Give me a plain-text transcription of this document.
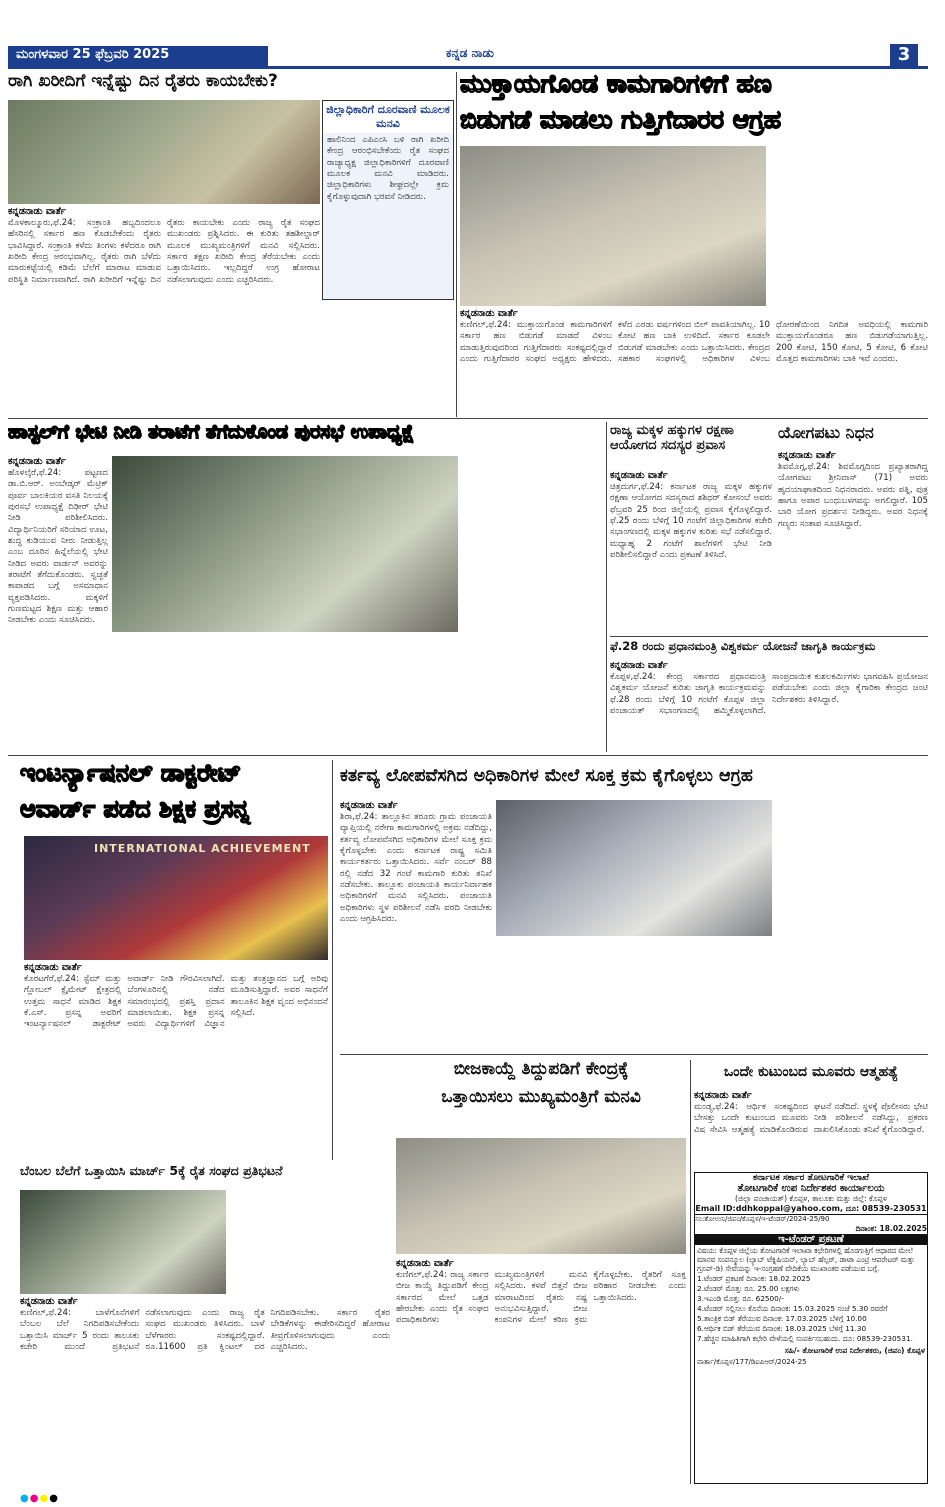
ಮಂಗಳವಾರ 25 ಫೆಬ್ರವರಿ 2025	ಕನ್ನಡ ನಾಡು	3
ರಾಗಿ ಖರೀದಿಗೆ ಇನ್ನೆಷ್ಟು ದಿನ ರೈತರು ಕಾಯಬೇಕು?
ಜಿಲ್ಲಾಧಿಕಾರಿಗೆ ದೂರವಾಣಿ ಮೂಲಕ ಮನವಿ
ಹಾಲಿನಿಂದ ಎಪಿಎಂಸಿ ಬಳಿ ರಾಗಿ ಖರೀದಿ ಕೇಂದ್ರ ಆರಂಭಿಸಬೇಕೆಂದು ರೈತ ಸಂಘದ ರಾಜ್ಯಾಧ್ಯಕ್ಷ ಜಿಲ್ಲಾಧಿಕಾರಿಗಳಿಗೆ ದೂರವಾಣಿ ಮೂಲಕ ಮನವಿ ಮಾಡಿದರು. ಜಿಲ್ಲಾಧಿಕಾರಿಗಳು ಶೀಘ್ರದಲ್ಲೇ ಕ್ರಮ ಕೈಗೊಳ್ಳುವುದಾಗಿ ಭರವಸೆ ನೀಡಿದರು.
ಕನ್ನಡನಾಡು ವಾರ್ತೆ
ಮೊಳಕಾಲ್ಮೂರು,ಫೆ.24: ಸಂಕ್ರಾಂತಿ ಹಬ್ಬದಿಂದಲೂ ಹೆಸರಿನಲ್ಲಿ ಸರ್ಕಾರ ಹಣ ಕೊಡಬೇಕೆಂದು ರೈತರು ಭಾವಿಸಿದ್ದಾರೆ. ಸಂಕ್ರಾಂತಿ ಕಳೆದು ತಿಂಗಳು ಕಳೆದರೂ ರಾಗಿ ಖರೀದಿ ಕೇಂದ್ರ ಆರಂಭವಾಗಿಲ್ಲ. ರೈತರು ರಾಗಿ ಬೆಳೆದು ಮಾರುಕಟ್ಟೆಯಲ್ಲಿ ಕಡಿಮೆ ಬೆಲೆಗೆ ಮಾರಾಟ ಮಾಡುವ ಪರಿಸ್ಥಿತಿ ನಿರ್ಮಾಣವಾಗಿದೆ. ರಾಗಿ ಖರೀದಿಗೆ ಇನ್ನೆಷ್ಟು ದಿನ ರೈತರು ಕಾಯಬೇಕು ಎಂದು ರಾಜ್ಯ ರೈತ ಸಂಘದ ಮುಖಂಡರು ಪ್ರಶ್ನಿಸಿದರು. ಈ ಕುರಿತು ತಹಶೀಲ್ದಾರ್ ಮೂಲಕ ಮುಖ್ಯಮಂತ್ರಿಗಳಿಗೆ ಮನವಿ ಸಲ್ಲಿಸಿದರು. ಸರ್ಕಾರ ತಕ್ಷಣ ಖರೀದಿ ಕೇಂದ್ರ ತೆರೆಯಬೇಕು ಎಂದು ಒತ್ತಾಯಿಸಿದರು. ಇಲ್ಲದಿದ್ದರೆ ಉಗ್ರ ಹೋರಾಟ ನಡೆಸಲಾಗುವುದು ಎಂದು ಎಚ್ಚರಿಸಿದರು.
ಮುಕ್ತಾಯಗೊಂಡ ಕಾಮಗಾರಿಗಳಿಗೆ ಹಣ
ಬಿಡುಗಡೆ ಮಾಡಲು ಗುತ್ತಿಗೆದಾರರ ಆಗ್ರಹ
ಕನ್ನಡನಾಡು ವಾರ್ತೆ
ಕುಣಿಗಲ್,ಫೆ.24: ಮುಕ್ತಾಯಗೊಂಡ ಕಾಮಗಾರಿಗಳಿಗೆ ಸರ್ಕಾರ ಹಣ ಬಿಡುಗಡೆ ಮಾಡದೆ ವಿಳಂಬ ಮಾಡುತ್ತಿರುವುದರಿಂದ ಗುತ್ತಿಗೆದಾರರು ಸಂಕಷ್ಟದಲ್ಲಿದ್ದಾರೆ ಎಂದು ಗುತ್ತಿಗೆದಾರರ ಸಂಘದ ಅಧ್ಯಕ್ಷರು ಹೇಳಿದರು. ಕಳೆದ ಎರಡು ವರ್ಷಗಳಿಂದ ಬಿಲ್ ಪಾವತಿಯಾಗಿಲ್ಲ. 10 ಕೋಟಿ ಹಣ ಬಾಕಿ ಉಳಿದಿದೆ. ಸರ್ಕಾರ ಕೂಡಲೇ ಬಿಡುಗಡೆ ಮಾಡಬೇಕು ಎಂದು ಒತ್ತಾಯಿಸಿದರು. ಕೇಂದ್ರದ ಸಹಕಾರ ಸಂಘಗಳಲ್ಲಿ ಅಧಿಕಾರಿಗಳ ವಿಳಂಬ ಧೋರಣೆಯಿಂದ ನಿಗದಿತ ಅವಧಿಯಲ್ಲಿ ಕಾಮಗಾರಿ ಮುಕ್ತಾಯಗೊಂಡರೂ ಹಣ ಬಿಡುಗಡೆಯಾಗುತ್ತಿಲ್ಲ. 200 ಕೋಟಿ, 150 ಕೋಟಿ, 5 ಕೋಟಿ, 6 ಕೋಟಿ ಮೊತ್ತದ ಕಾಮಗಾರಿಗಳು ಬಾಕಿ ಇವೆ ಎಂದರು.
ಹಾಸ್ಟಲ್‌ಗೆ ಭೇಟಿ ನೀಡಿ ತರಾಟೆಗೆ ತೆಗೆದುಕೊಂಡ ಪುರಸಭೆ ಉಪಾಧ್ಯಕ್ಷೆ
ಕನ್ನಡನಾಡು ವಾರ್ತೆ
ಹೊಳಲ್ಕೆರೆ,ಫೆ.24: ಪಟ್ಟಣದ ಡಾ.ಬಿ.ಆರ್. ಅಂಬೇಡ್ಕರ್ ಮೆಟ್ರಿಕ್ ಪೂರ್ವ ಬಾಲಕಿಯರ ವಸತಿ ನಿಲಯಕ್ಕೆ ಪುರಸಭೆ ಉಪಾಧ್ಯಕ್ಷೆ ದಿಢೀರ್ ಭೇಟಿ ನೀಡಿ ಪರಿಶೀಲಿಸಿದರು. ವಿದ್ಯಾರ್ಥಿನಿಯರಿಗೆ ಸರಿಯಾದ ಊಟ, ಶುದ್ಧ ಕುಡಿಯುವ ನೀರು ನೀಡುತ್ತಿಲ್ಲ ಎಂಬ ದೂರಿನ ಹಿನ್ನೆಲೆಯಲ್ಲಿ ಭೇಟಿ ನೀಡಿದ ಅವರು ವಾರ್ಡನ್ ಅವರನ್ನು ತರಾಟೆಗೆ ತೆಗೆದುಕೊಂಡರು. ಸ್ವಚ್ಛತೆ ಕಾಪಾಡದ ಬಗ್ಗೆ ಅಸಮಾಧಾನ ವ್ಯಕ್ತಪಡಿಸಿದರು. ಮಕ್ಕಳಿಗೆ ಗುಣಮಟ್ಟದ ಶಿಕ್ಷಣ ಮತ್ತು ಆಹಾರ ನೀಡಬೇಕು ಎಂದು ಸೂಚಿಸಿದರು.
ರಾಜ್ಯ ಮಕ್ಕಳ ಹಕ್ಕುಗಳ ರಕ್ಷಣಾ ಆಯೋಗದ ಸದಸ್ಯರ ಪ್ರವಾಸ
ಕನ್ನಡನಾಡು ವಾರ್ತೆ
ಚಿತ್ರದುರ್ಗ,ಫೆ.24: ಕರ್ನಾಟಕ ರಾಜ್ಯ ಮಕ್ಕಳ ಹಕ್ಕುಗಳ ರಕ್ಷಣಾ ಆಯೋಗದ ಸದಸ್ಯರಾದ ಶಶಿಧರ್ ಕೋಸಂಬೆ ಅವರು ಫೆಬ್ರವರಿ 25 ರಿಂದ ಜಿಲ್ಲೆಯಲ್ಲಿ ಪ್ರವಾಸ ಕೈಗೊಳ್ಳಲಿದ್ದಾರೆ. ಫೆ.25 ರಂದು ಬೆಳಿಗ್ಗೆ 10 ಗಂಟೆಗೆ ಜಿಲ್ಲಾಧಿಕಾರಿಗಳ ಕಚೇರಿ ಸಭಾಂಗಣದಲ್ಲಿ ಮಕ್ಕಳ ಹಕ್ಕುಗಳ ಕುರಿತು ಸಭೆ ನಡೆಸಲಿದ್ದಾರೆ. ಮಧ್ಯಾಹ್ನ 2 ಗಂಟೆಗೆ ಶಾಲೆಗಳಿಗೆ ಭೇಟಿ ನೀಡಿ ಪರಿಶೀಲಿಸಲಿದ್ದಾರೆ ಎಂದು ಪ್ರಕಟಣೆ ತಿಳಿಸಿದೆ.
ಯೋಗಪಟು ನಿಧನ
ಕನ್ನಡನಾಡು ವಾರ್ತೆ
ಶಿವಮೊಗ್ಗ,ಫೆ.24: ಶಿವಮೊಗ್ಗದಿಂದ ಪ್ರಖ್ಯಾತರಾಗಿದ್ದ ಯೋಗಪಟು ಶ್ರೀನಿವಾಸ್ (71) ಅವರು ಹೃದಯಾಘಾತದಿಂದ ನಿಧನರಾದರು. ಅವರು ಪತ್ನಿ, ಪುತ್ರ ಹಾಗೂ ಅಪಾರ ಬಂಧುಬಳಗವನ್ನು ಅಗಲಿದ್ದಾರೆ. 105 ಬಾರಿ ಯೋಗ ಪ್ರದರ್ಶನ ನೀಡಿದ್ದರು. ಅವರ ನಿಧನಕ್ಕೆ ಗಣ್ಯರು ಸಂತಾಪ ಸೂಚಿಸಿದ್ದಾರೆ.
ಫೆ.28 ರಂದು ಪ್ರಧಾನಮಂತ್ರಿ ವಿಶ್ವಕರ್ಮ ಯೋಜನೆ ಜಾಗೃತಿ ಕಾರ್ಯಕ್ರಮ
ಕನ್ನಡನಾಡು ವಾರ್ತೆ
ಕೊಪ್ಪಳ,ಫೆ.24: ಕೇಂದ್ರ ಸರ್ಕಾರದ ಪ್ರಧಾನಮಂತ್ರಿ ವಿಶ್ವಕರ್ಮ ಯೋಜನೆ ಕುರಿತು ಜಾಗೃತಿ ಕಾರ್ಯಕ್ರಮವನ್ನು ಫೆ.28 ರಂದು ಬೆಳಿಗ್ಗೆ 10 ಗಂಟೆಗೆ ಕೊಪ್ಪಳ ಜಿಲ್ಲಾ ಪಂಚಾಯತ್ ಸಭಾಂಗಣದಲ್ಲಿ ಹಮ್ಮಿಕೊಳ್ಳಲಾಗಿದೆ. ಸಾಂಪ್ರದಾಯಿಕ ಕುಶಲಕರ್ಮಿಗಳು ಭಾಗವಹಿಸಿ ಪ್ರಯೋಜನ ಪಡೆಯಬೇಕು ಎಂದು ಜಿಲ್ಲಾ ಕೈಗಾರಿಕಾ ಕೇಂದ್ರದ ಜಂಟಿ ನಿರ್ದೇಶಕರು ತಿಳಿಸಿದ್ದಾರೆ.
ಇಂಟರ್ನ್ಯಾಷನಲ್ ಡಾಕ್ಟರೇಟ್
ಅವಾರ್ಡ್ ಪಡೆದ ಶಿಕ್ಷಕ ಪ್ರಸನ್ನ
INTERNATIONAL ACHIEVEMENT
ಕನ್ನಡನಾಡು ವಾರ್ತೆ
ಕೊರಟಗೆರೆ,ಫೆ.24: ಸ್ಟೆಮ್ ಮತ್ತು ಗ್ಲೋಬಲ್ ಕ್ಲೈಮೇಟ್ ಕ್ಷೇತ್ರದಲ್ಲಿ ಉತ್ತಮ ಸಾಧನೆ ಮಾಡಿದ ಶಿಕ್ಷಕ ಕೆ.ಎಸ್. ಪ್ರಸನ್ನ ಅವರಿಗೆ ಇಂಟರ್ನ್ಯಾಷನಲ್ ಡಾಕ್ಟರೇಟ್ ಅವಾರ್ಡ್ ನೀಡಿ ಗೌರವಿಸಲಾಗಿದೆ. ಬೆಂಗಳೂರಿನಲ್ಲಿ ನಡೆದ ಸಮಾರಂಭದಲ್ಲಿ ಪ್ರಶಸ್ತಿ ಪ್ರದಾನ ಮಾಡಲಾಯಿತು. ಶಿಕ್ಷಕ ಪ್ರಸನ್ನ ಅವರು ವಿದ್ಯಾರ್ಥಿಗಳಿಗೆ ವಿಜ್ಞಾನ ಮತ್ತು ತಂತ್ರಜ್ಞಾನದ ಬಗ್ಗೆ ಅರಿವು ಮೂಡಿಸುತ್ತಿದ್ದಾರೆ. ಅವರ ಸಾಧನೆಗೆ ತಾಲೂಕಿನ ಶಿಕ್ಷಕ ವೃಂದ ಅಭಿನಂದನೆ ಸಲ್ಲಿಸಿದೆ.
ಕರ್ತವ್ಯ ಲೋಪವೆಸಗಿದ ಅಧಿಕಾರಿಗಳ ಮೇಲೆ ಸೂಕ್ತ ಕ್ರಮ ಕೈಗೊಳ್ಳಲು ಆಗ್ರಹ
ಕನ್ನಡನಾಡು ವಾರ್ತೆ
ಶಿರಾ,ಫೆ.24: ತಾಲ್ಲೂಕಿನ ತರೂರು ಗ್ರಾಮ ಪಂಚಾಯತಿ ವ್ಯಾಪ್ತಿಯಲ್ಲಿ ನರೇಗಾ ಕಾಮಗಾರಿಗಳಲ್ಲಿ ಅಕ್ರಮ ನಡೆದಿದ್ದು, ಕರ್ತವ್ಯ ಲೋಪವೆಸಗಿದ ಅಧಿಕಾರಿಗಳ ಮೇಲೆ ಸೂಕ್ತ ಕ್ರಮ ಕೈಗೊಳ್ಳಬೇಕು ಎಂದು ಕರ್ನಾಟಕ ರಾಷ್ಟ್ರ ಸಮಿತಿ ಕಾರ್ಯಕರ್ತರು ಒತ್ತಾಯಿಸಿದರು. ಸರ್ವೆ ನಂಬರ್ 88 ರಲ್ಲಿ ನಡೆದ 32 ಗಂಟೆ ಕಾಮಗಾರಿ ಕುರಿತು ತನಿಖೆ ನಡೆಸಬೇಕು. ತಾಲ್ಲೂಕು ಪಂಚಾಯತಿ ಕಾರ್ಯನಿರ್ವಾಹಕ ಅಧಿಕಾರಿಗಳಿಗೆ ಮನವಿ ಸಲ್ಲಿಸಿದರು. ಪಂಚಾಯತಿ ಅಧಿಕಾರಿಗಳು ಸ್ಥಳ ಪರಿಶೀಲನೆ ನಡೆಸಿ ವರದಿ ನೀಡಬೇಕು ಎಂದು ಆಗ್ರಹಿಸಿದರು.
ಬೀಜಕಾಯ್ದೆ ತಿದ್ದುಪಡಿಗೆ ಕೇಂದ್ರಕ್ಕೆ
ಒತ್ತಾಯಿಸಲು ಮುಖ್ಯಮಂತ್ರಿಗೆ ಮನವಿ
ಕನ್ನಡನಾಡು ವಾರ್ತೆ
ಕುಣಿಗಲ್,ಫೆ.24: ರಾಜ್ಯ ಸರ್ಕಾರ ಬೀಜ ಕಾಯ್ದೆ ತಿದ್ದುಪಡಿಗೆ ಕೇಂದ್ರ ಸರ್ಕಾರದ ಮೇಲೆ ಒತ್ತಡ ಹೇರಬೇಕು ಎಂದು ರೈತ ಸಂಘದ ಪದಾಧಿಕಾರಿಗಳು ಮುಖ್ಯಮಂತ್ರಿಗಳಿಗೆ ಮನವಿ ಸಲ್ಲಿಸಿದರು. ಕಳಪೆ ಬಿತ್ತನೆ ಬೀಜ ಮಾರಾಟದಿಂದ ರೈತರು ನಷ್ಟ ಅನುಭವಿಸುತ್ತಿದ್ದಾರೆ. ಬೀಜ ಕಂಪನಿಗಳ ಮೇಲೆ ಕಠಿಣ ಕ್ರಮ ಕೈಗೊಳ್ಳಬೇಕು. ರೈತರಿಗೆ ಸೂಕ್ತ ಪರಿಹಾರ ನೀಡಬೇಕು ಎಂದು ಒತ್ತಾಯಿಸಿದರು.
ಒಂದೇ ಕುಟುಂಬದ ಮೂವರು ಆತ್ಮಹತ್ಯೆ
ಕನ್ನಡನಾಡು ವಾರ್ತೆ
ಮಂಡ್ಯ,ಫೆ.24: ಆರ್ಥಿಕ ಸಂಕಷ್ಟದಿಂದ ಬೇಸತ್ತು ಒಂದೇ ಕುಟುಂಬದ ಮೂವರು ವಿಷ ಸೇವಿಸಿ ಆತ್ಮಹತ್ಯೆ ಮಾಡಿಕೊಂಡಿರುವ ಘಟನೆ ನಡೆದಿದೆ. ಸ್ಥಳಕ್ಕೆ ಪೊಲೀಸರು ಭೇಟಿ ನೀಡಿ ಪರಿಶೀಲನೆ ನಡೆಸಿದ್ದು, ಪ್ರಕರಣ ದಾಖಲಿಸಿಕೊಂಡು ತನಿಖೆ ಕೈಗೊಂಡಿದ್ದಾರೆ.
ಕರ್ನಾಟಕ ಸರ್ಕಾರ ತೋಟಗಾರಿಕೆ ಇಲಾಖೆ
ತೋಟಗಾರಿಕೆ ಉಪ ನಿರ್ದೇಶಕರ ಕಾರ್ಯಾಲಯ
(ಜಿಲ್ಲಾ ಪಂಚಾಯತ್) ಕೊಪ್ಪಳ, ತಾಲೂಕು ಮತ್ತು ಜಿಲ್ಲೆ: ಕೊಪ್ಪಳ
Email ID:ddhkoppal@yahoo.com, ದೂ: 08539-230531
ಸಂ:ತೋಉನಿ/ಜಿಪಂ/ಕೊಪ್ಪಳ/ಇ-ಟೆಂಡರ್/2024-25/90
ದಿನಾಂಕ: 18.02.2025
ಇ-ಟೆಂಡರ್ ಪ್ರಕಟಣೆ
ವಿಷಯ: ಕೊಪ್ಪಳ ಜಿಲ್ಲೆಯ ತೋಟಗಾರಿಕೆ ಇಲಾಖಾ ಕಛೇರಿಗಳಲ್ಲಿ ಹೊರಗುತ್ತಿಗೆ ಆಧಾರದ ಮೇಲೆ ಮಾನವ ಸಂಪನ್ಮೂಲ (ಲ್ಯಾಬ್ ಟೆಕ್ನಿಷಿಯನ್, ಲ್ಯಾಬ್ ಹೆಲ್ಪರ್, ಡಾಟಾ ಎಂಟ್ರಿ ಆಪರೇಟರ್ ಮತ್ತು ಗ್ರೂಪ್-ಡಿ) ಸೇವೆಯನ್ನು ಇ-ಸಂಗ್ರಹಣೆ ವೇದಿಕೆಯ ಮುಖಾಂತರ ಪಡೆಯುವ ಬಗ್ಗೆ.
1.ಟೆಂಡರ್ ಪ್ರಕಟಣೆ ದಿನಾಂಕ: 18.02.2025
2.ಟೆಂಡರ್ ಮೊತ್ತ: ರೂ. 25.00 ಲಕ್ಷಗಳು
3.ಇಎಂಡಿ ಮೊತ್ತ: ರೂ. 62500/-
4.ಟೆಂಡರ್ ಸಲ್ಲಿಸಲು ಕೊನೆಯ ದಿನಾಂಕ: 15.03.2025 ಸಂಜೆ 5.30 ರವರೆಗೆ
5.ತಾಂತ್ರಿಕ ಬಿಡ್ ತೆರೆಯುವ ದಿನಾಂಕ: 17.03.2025 ಬೆಳಿಗ್ಗೆ 10.00
6.ಆರ್ಥಿಕ ಬಿಡ್ ತೆರೆಯುವ ದಿನಾಂಕ: 18.03.2025 ಬೆಳಿಗ್ಗೆ 11.30
7.ಹೆಚ್ಚಿನ ಮಾಹಿತಿಗಾಗಿ ಕಛೇರಿ ವೇಳೆಯಲ್ಲಿ ಸಂಪರ್ಕಿಸಬಹುದು. ದೂ: 08539-230531.
ಸಹಿ/- ತೋಟಗಾರಿಕೆ ಉಪ ನಿರ್ದೇಶಕರು, (ಜಿಪಂ) ಕೊಪ್ಪಳ
ವಾರ್ತಾ/ಕೊಪ್ಪಳ/177/ಡಿಐಪಿಆರ್/2024-25
ಬೆಂಬಲ ಬೆಲೆಗೆ ಒತ್ತಾಯಿಸಿ ಮಾರ್ಚ್ 5ಕ್ಕೆ ರೈತ ಸಂಘದ ಪ್ರತಿಭಟನೆ
ಕನ್ನಡನಾಡು ವಾರ್ತೆ
ಕುಣಿಗಲ್,ಫೆ.24: ಬಾಳೆಗೊನೆಗಳಿಗೆ ಬೆಂಬಲ ಬೆಲೆ ನಿಗದಿಪಡಿಸಬೇಕೆಂದು ಒತ್ತಾಯಿಸಿ ಮಾರ್ಚ್ 5 ರಂದು ತಾಲೂಕು ಕಚೇರಿ ಮುಂದೆ ಪ್ರತಿಭಟನೆ ನಡೆಸಲಾಗುವುದು ಎಂದು ರಾಜ್ಯ ರೈತ ಸಂಘದ ಮುಖಂಡರು ತಿಳಿಸಿದರು. ಬಾಳೆ ಬೆಳೆಗಾರರು ಸಂಕಷ್ಟದಲ್ಲಿದ್ದಾರೆ. ರೂ.11600 ಪ್ರತಿ ಕ್ವಿಂಟಲ್ ದರ ನಿಗದಿಪಡಿಸಬೇಕು. ಸರ್ಕಾರ ರೈತರ ಬೇಡಿಕೆಗಳನ್ನು ಈಡೇರಿಸದಿದ್ದರೆ ಹೋರಾಟ ತೀವ್ರಗೊಳಿಸಲಾಗುವುದು ಎಂದು ಎಚ್ಚರಿಸಿದರು.
●●●●
